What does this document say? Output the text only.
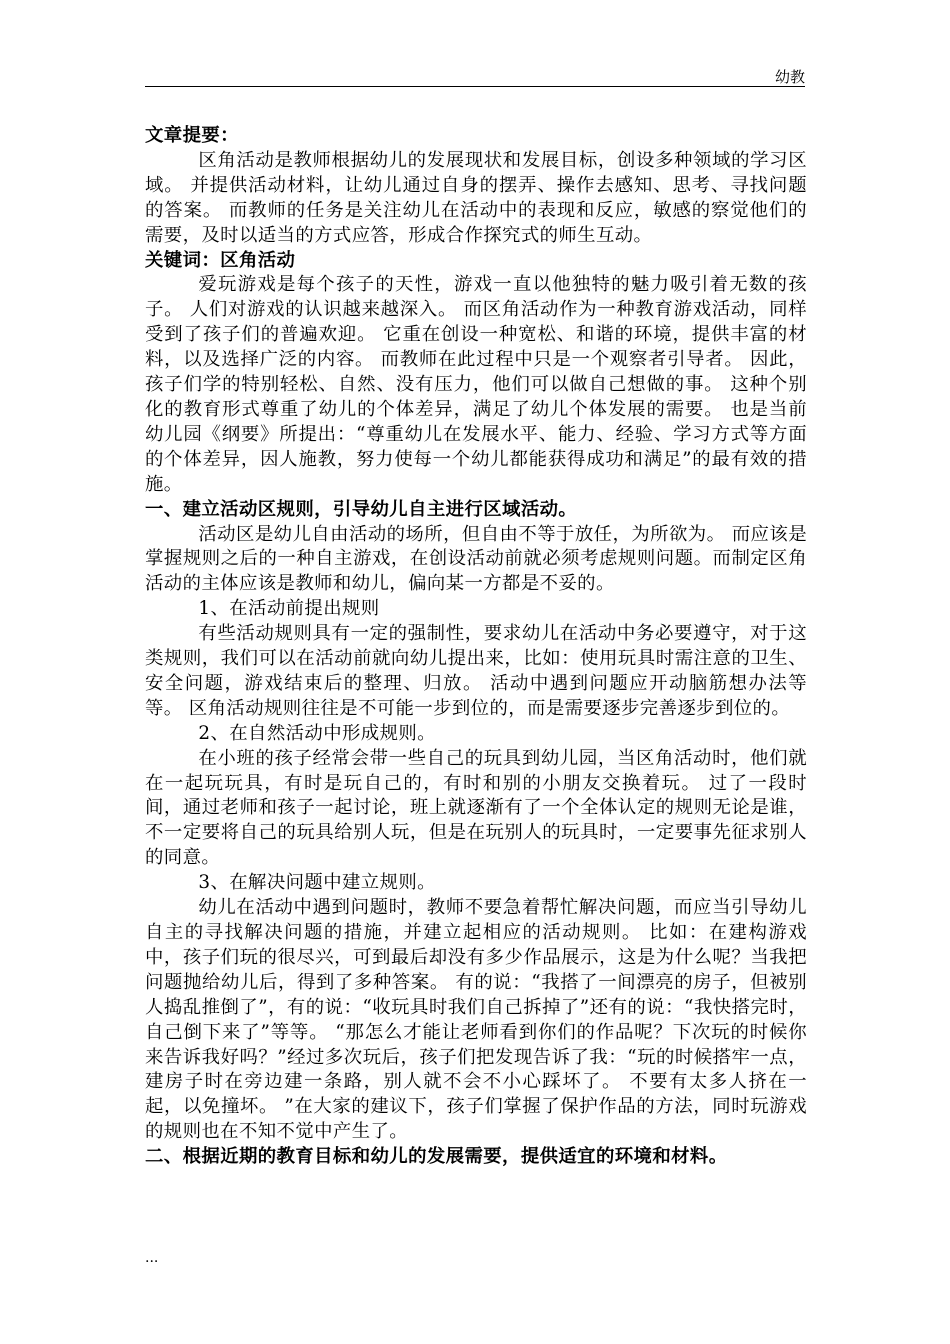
幼教

文章提要：

区角活动是教师根据幼儿的发展现状和发展目标，创设多种领域的学习区域。 并提供活动材料，让幼儿通过自身的摆弄、操作去感知、思考、寻找问题的答案。 而教师的任务是关注幼儿在活动中的表现和反应，敏感的察觉他们的需要，及时以适当的方式应答，形成合作探究式的师生互动。

关键词：区角活动

爱玩游戏是每个孩子的天性，游戏一直以他独特的魅力吸引着无数的孩子。 人们对游戏的认识越来越深入。 而区角活动作为一种教育游戏活动，同样受到了孩子们的普遍欢迎。 它重在创设一种宽松、和谐的环境，提供丰富的材料，以及选择广泛的内容。 而教师在此过程中只是一个观察者引导者。 因此，孩子们学的特别轻松、自然、没有压力，他们可以做自己想做的事。 这种个别化的教育形式尊重了幼儿的个体差异，满足了幼儿个体发展的需要。 也是当前幼儿园《纲要》所提出：“尊重幼儿在发展水平、能力、经验、学习方式等方面的个体差异，因人施教，努力使每一个幼儿都能获得成功和满足”的最有效的措施。

一、建立活动区规则，引导幼儿自主进行区域活动。

活动区是幼儿自由活动的场所，但自由不等于放任，为所欲为。 而应该是掌握规则之后的一种自主游戏，在创设活动前就必须考虑规则问题。而制定区角活动的主体应该是教师和幼儿，偏向某一方都是不妥的。

1、在活动前提出规则

有些活动规则具有一定的强制性，要求幼儿在活动中务必要遵守，对于这类规则，我们可以在活动前就向幼儿提出来，比如：使用玩具时需注意的卫生、安全问题，游戏结束后的整理、归放。 活动中遇到问题应开动脑筋想办法等等。 区角活动规则往往是不可能一步到位的，而是需要逐步完善逐步到位的。

2、在自然活动中形成规则。

在小班的孩子经常会带一些自己的玩具到幼儿园，当区角活动时，他们就在一起玩玩具，有时是玩自己的，有时和别的小朋友交换着玩。 过了一段时间，通过老师和孩子一起讨论，班上就逐渐有了一个全体认定的规则无论是谁，不一定要将自己的玩具给别人玩，但是在玩别人的玩具时，一定要事先征求别人的同意。

3、在解决问题中建立规则。

幼儿在活动中遇到问题时，教师不要急着帮忙解决问题，而应当引导幼儿自主的寻找解决问题的措施，并建立起相应的活动规则。 比如：在建构游戏中，孩子们玩的很尽兴，可到最后却没有多少作品展示，这是为什么呢？当我把问题抛给幼儿后，得到了多种答案。 有的说：“我搭了一间漂亮的房子，但被别人捣乱推倒了”，有的说：“收玩具时我们自己拆掉了”还有的说：“我快搭完时，自己倒下来了”等等。 “那怎么才能让老师看到你们的作品呢？下次玩的时候你来告诉我好吗？”经过多次玩后，孩子们把发现告诉了我：“玩的时候搭牢一点，建房子时在旁边建一条路，别人就不会不小心踩坏了。 不要有太多人挤在一起，以免撞坏。 ”在大家的建议下，孩子们掌握了保护作品的方法，同时玩游戏的规则也在不知不觉中产生了。

二、根据近期的教育目标和幼儿的发展需要，提供适宜的环境和材料。

...
